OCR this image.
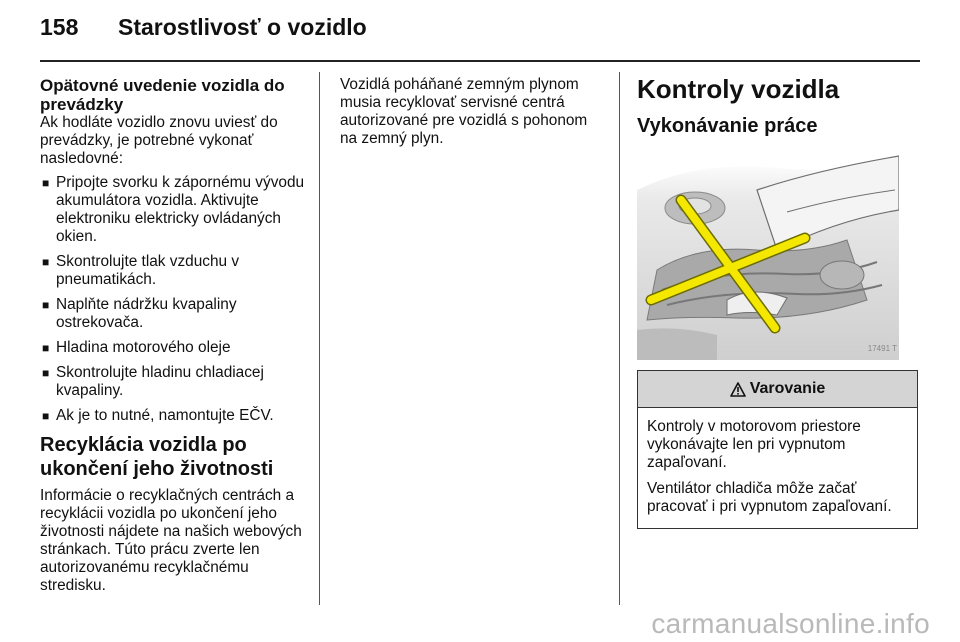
158 Starostlivosť o vozidlo
Opätovné uvedenie vozidla do prevádzky

Ak hodláte vozidlo znovu uviesť do prevádzky, je potrebné vykonať nasledovné:

■ Pripojte svorku k zápornému vývodu akumulátora vozidla. Aktivujte elektroniku elektricky ovládaných okien.
■ Skontrolujte tlak vzduchu v pneumatikách.
■ Naplňte nádržku kvapaliny ostrekovača.
■ Hladina motorového oleje
■ Skontrolujte hladinu chladiacej kvapaliny.
■ Ak je to nutné, namontujte EČV.
Recyklácia vozidla po ukončení jeho životnosti

Informácie o recyklačných centrách a recyklácii vozidla po ukončení jeho životnosti nájdete na našich webových stránkach. Túto prácu zverte len autorizovanému recyklačnému stredisku.

Vozidlá poháňané zemným plynom musia recyklovať servisné centrá autorizované pre vozidlá s pohonom na zemný plyn.

Kontroly vozidla
Vykonávanie práce
17491 T
Varovanie

Kontroly v motorovom priestore vykonávajte len pri vypnutom zapaľovaní.

Ventilátor chladiča môže začať pracovať i pri vypnutom zapaľovaní.

carmanualsonline.info
